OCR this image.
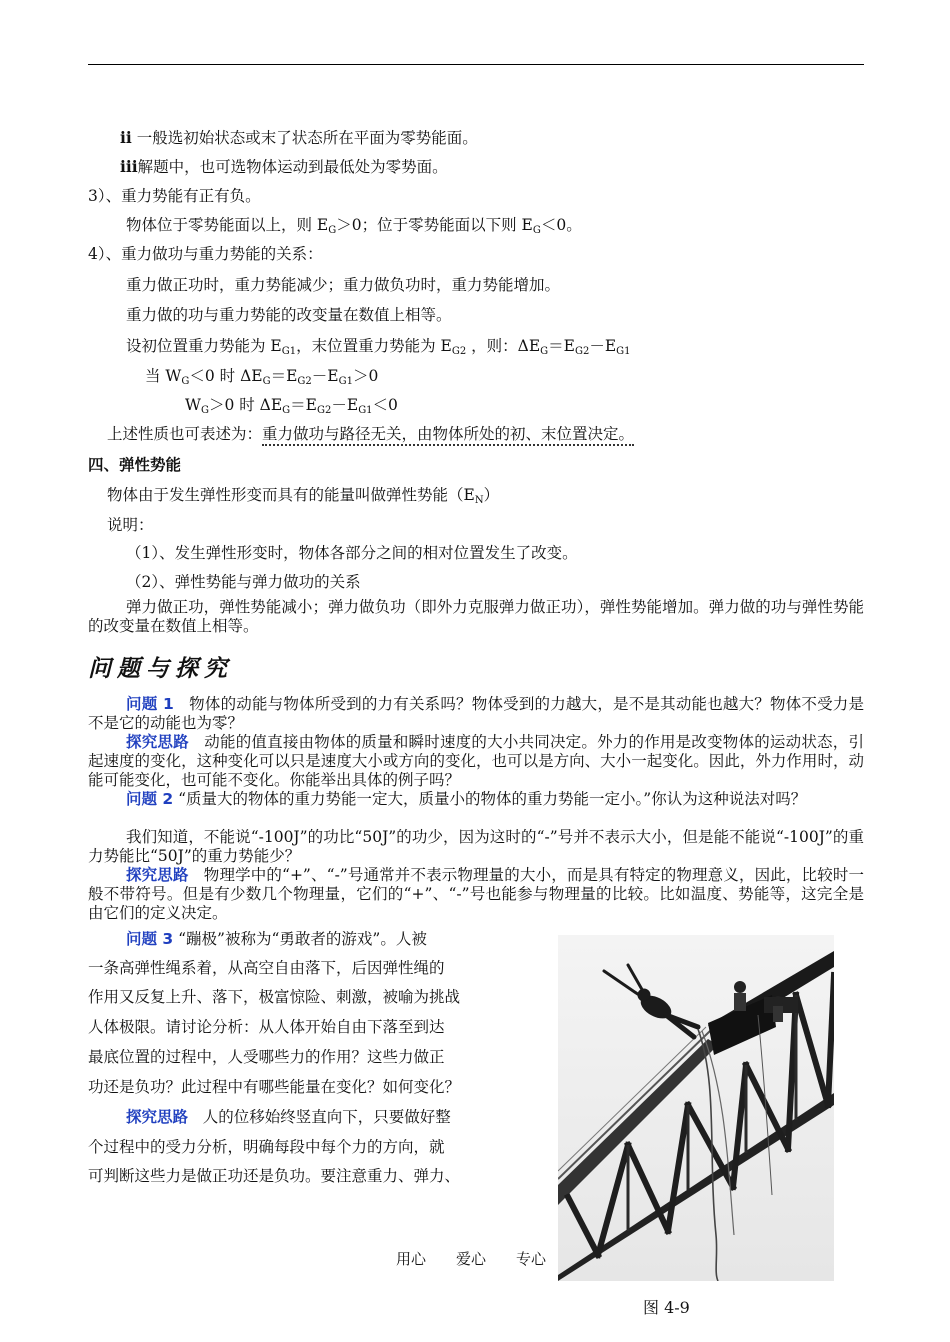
ii 一般选初始状态或末了状态所在平面为零势能面。
iii解题中，也可选物体运动到最低处为零势面。
3）、重力势能有正有负。
物体位于零势能面以上，则 $E_G>0$；位于零势能面以下则 $E_G<0$。
4）、重力做功与重力势能的关系：
重力做正功时，重力势能减少；重力做负功时，重力势能增加。
重力做的功与重力势能的改变量在数值上相等。
设初位置重力势能为 $E_{G1}$，末位置重力势能为 $E_{G2}$ ，则：$\Delta E_G=E_{G2}-E_{G1}$
当 $W_G<0$ 时 $\Delta E_G=E_{G2}-E_{G1}>0$
$W_G>0$ 时 $\Delta E_G=E_{G2}-E_{G1}<0$
上述性质也可表述为：重力做功与路径无关，由物体所处的初、末位置决定。
四、弹性势能
物体由于发生弹性形变而具有的能量叫做弹性势能$(E_N)$
说明：
（1）、发生弹性形变时，物体各部分之间的相对位置发生了改变。
（2）、弹性势能与弹力做功的关系
弹力做正功，弹性势能减小；弹力做负功（即外力克服弹力做正功），弹性势能增加。弹力做的功与弹性势能的改变量在数值上相等。
问题与探究
问题 1 物体的动能与物体所受到的力有关系吗？物体受到的力越大，是不是其动能也越大？物体不受力是不是它的动能也为零？
探究思路 动能的值直接由物体的质量和瞬时速度的大小共同决定。外力的作用是改变物体的运动状态，引起速度的变化，这种变化可以只是速度大小或方向的变化，也可以是方向、大小一起变化。因此，外力作用时，动能可能变化，也可能不变化。你能举出具体的例子吗？
问题 2 “质量大的物体的重力势能一定大，质量小的物体的重力势能一定小。”你认为这种说法对吗？
我们知道，不能说“-100J”的功比“50J”的功少，因为这时的“-”号并不表示大小，但是能不能说“-100J”的重力势能比“50J”的重力势能少？
探究思路 物理学中的“+”、“-”号通常并不表示物理量的大小，而是具有特定的物理意义，因此，比较时一般不带符号。但是有少数几个物理量，它们的“+”、“-”号也能参与物理量的比较。比如温度、势能等，这完全是由它们的定义决定。
问题 3 “蹦极”被称为“勇敢者的游戏”。人被
一条高弹性绳系着，从高空自由落下，后因弹性绳的
作用又反复上升、落下，极富惊险、刺激，被喻为挑战
人体极限。请讨论分析：从人体开始自由下落至到达
最底位置的过程中，人受哪些力的作用？这些力做正
功还是负功？此过程中有哪些能量在变化？如何变化？
探究思路 人的位移始终竖直向下，只要做好整
个过程中的受力分析，明确每段中每个力的方向，就
可判断这些力是做正功还是负功。要注意重力、弹力、
用心 爱心 专心
图 4-9
